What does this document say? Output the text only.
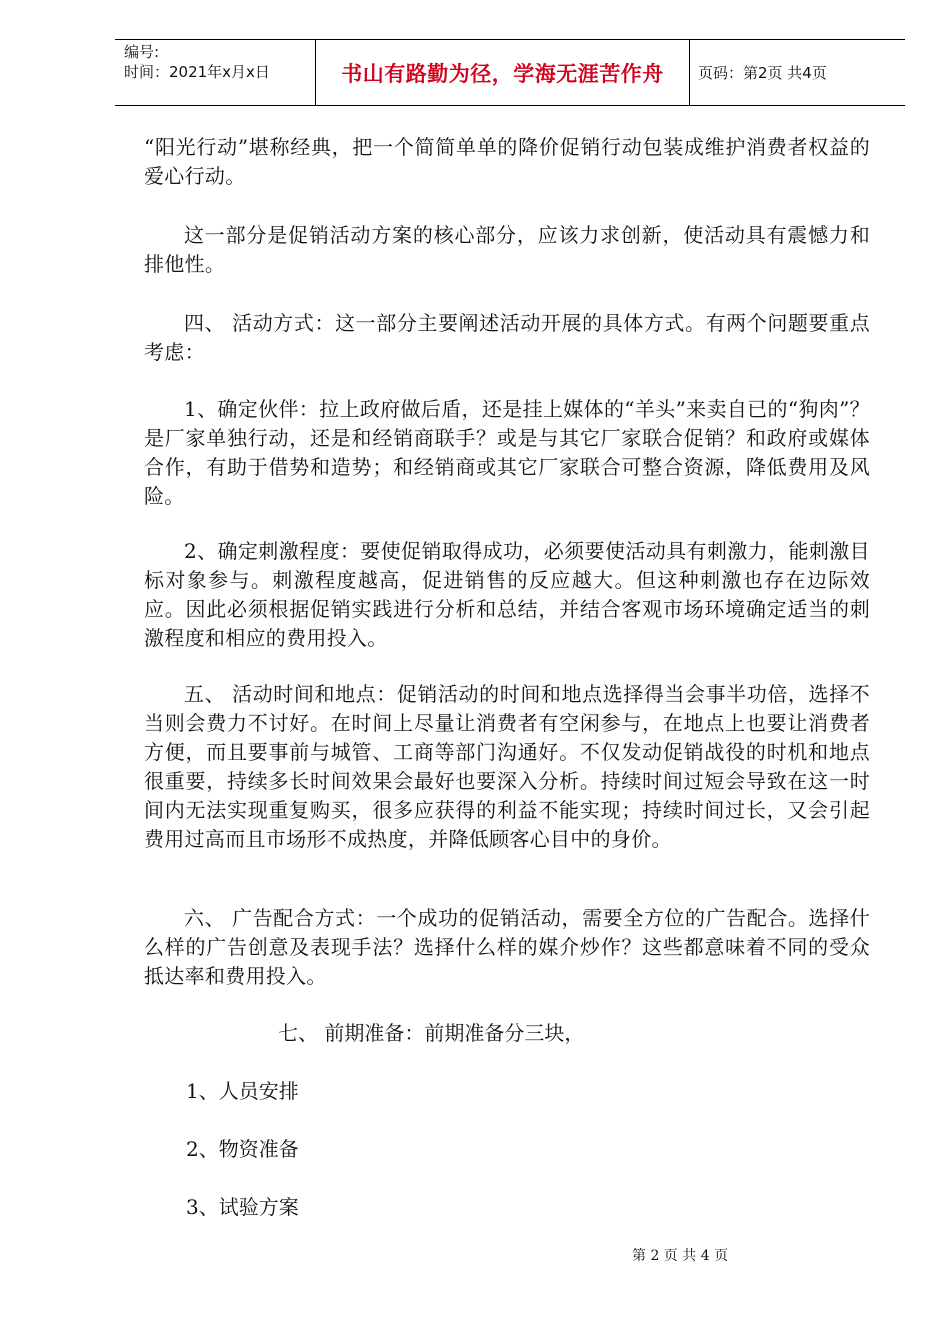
编号:
时间：2021年x月x日	书山有路勤为径，学海无涯苦作舟 页码：第2页 共4页
“阳光行动”堪称经典，把一个简简单单的降价促销行动包装成维护消费者权益的爱心行动。
这一部分是促销活动方案的核心部分，应该力求创新，使活动具有震憾力和排他性。
四、 活动方式：这一部分主要阐述活动开展的具体方式。有两个问题要重点考虑：
1、确定伙伴：拉上政府做后盾，还是挂上媒体的“羊头”来卖自已的“狗肉”？是厂家单独行动，还是和经销商联手？或是与其它厂家联合促销？和政府或媒体合作，有助于借势和造势；和经销商或其它厂家联合可整合资源，降低费用及风险。
2、确定刺激程度：要使促销取得成功，必须要使活动具有刺激力，能刺激目标对象参与。刺激程度越高，促进销售的反应越大。但这种刺激也存在边际效应。因此必须根据促销实践进行分析和总结，并结合客观市场环境确定适当的刺激程度和相应的费用投入。
五、 活动时间和地点：促销活动的时间和地点选择得当会事半功倍，选择不当则会费力不讨好。在时间上尽量让消费者有空闲参与，在地点上也要让消费者方便，而且要事前与城管、工商等部门沟通好。不仅发动促销战役的时机和地点很重要，持续多长时间效果会最好也要深入分析。持续时间过短会导致在这一时间内无法实现重复购买，很多应获得的利益不能实现；持续时间过长，又会引起费用过高而且市场形不成热度，并降低顾客心目中的身价。
六、 广告配合方式：一个成功的促销活动，需要全方位的广告配合。选择什么样的广告创意及表现手法？选择什么样的媒介炒作？这些都意味着不同的受众抵达率和费用投入。
七、 前期准备：前期准备分三块，
1、人员安排
2、物资准备
3、试验方案
第 2 页 共 4 页
